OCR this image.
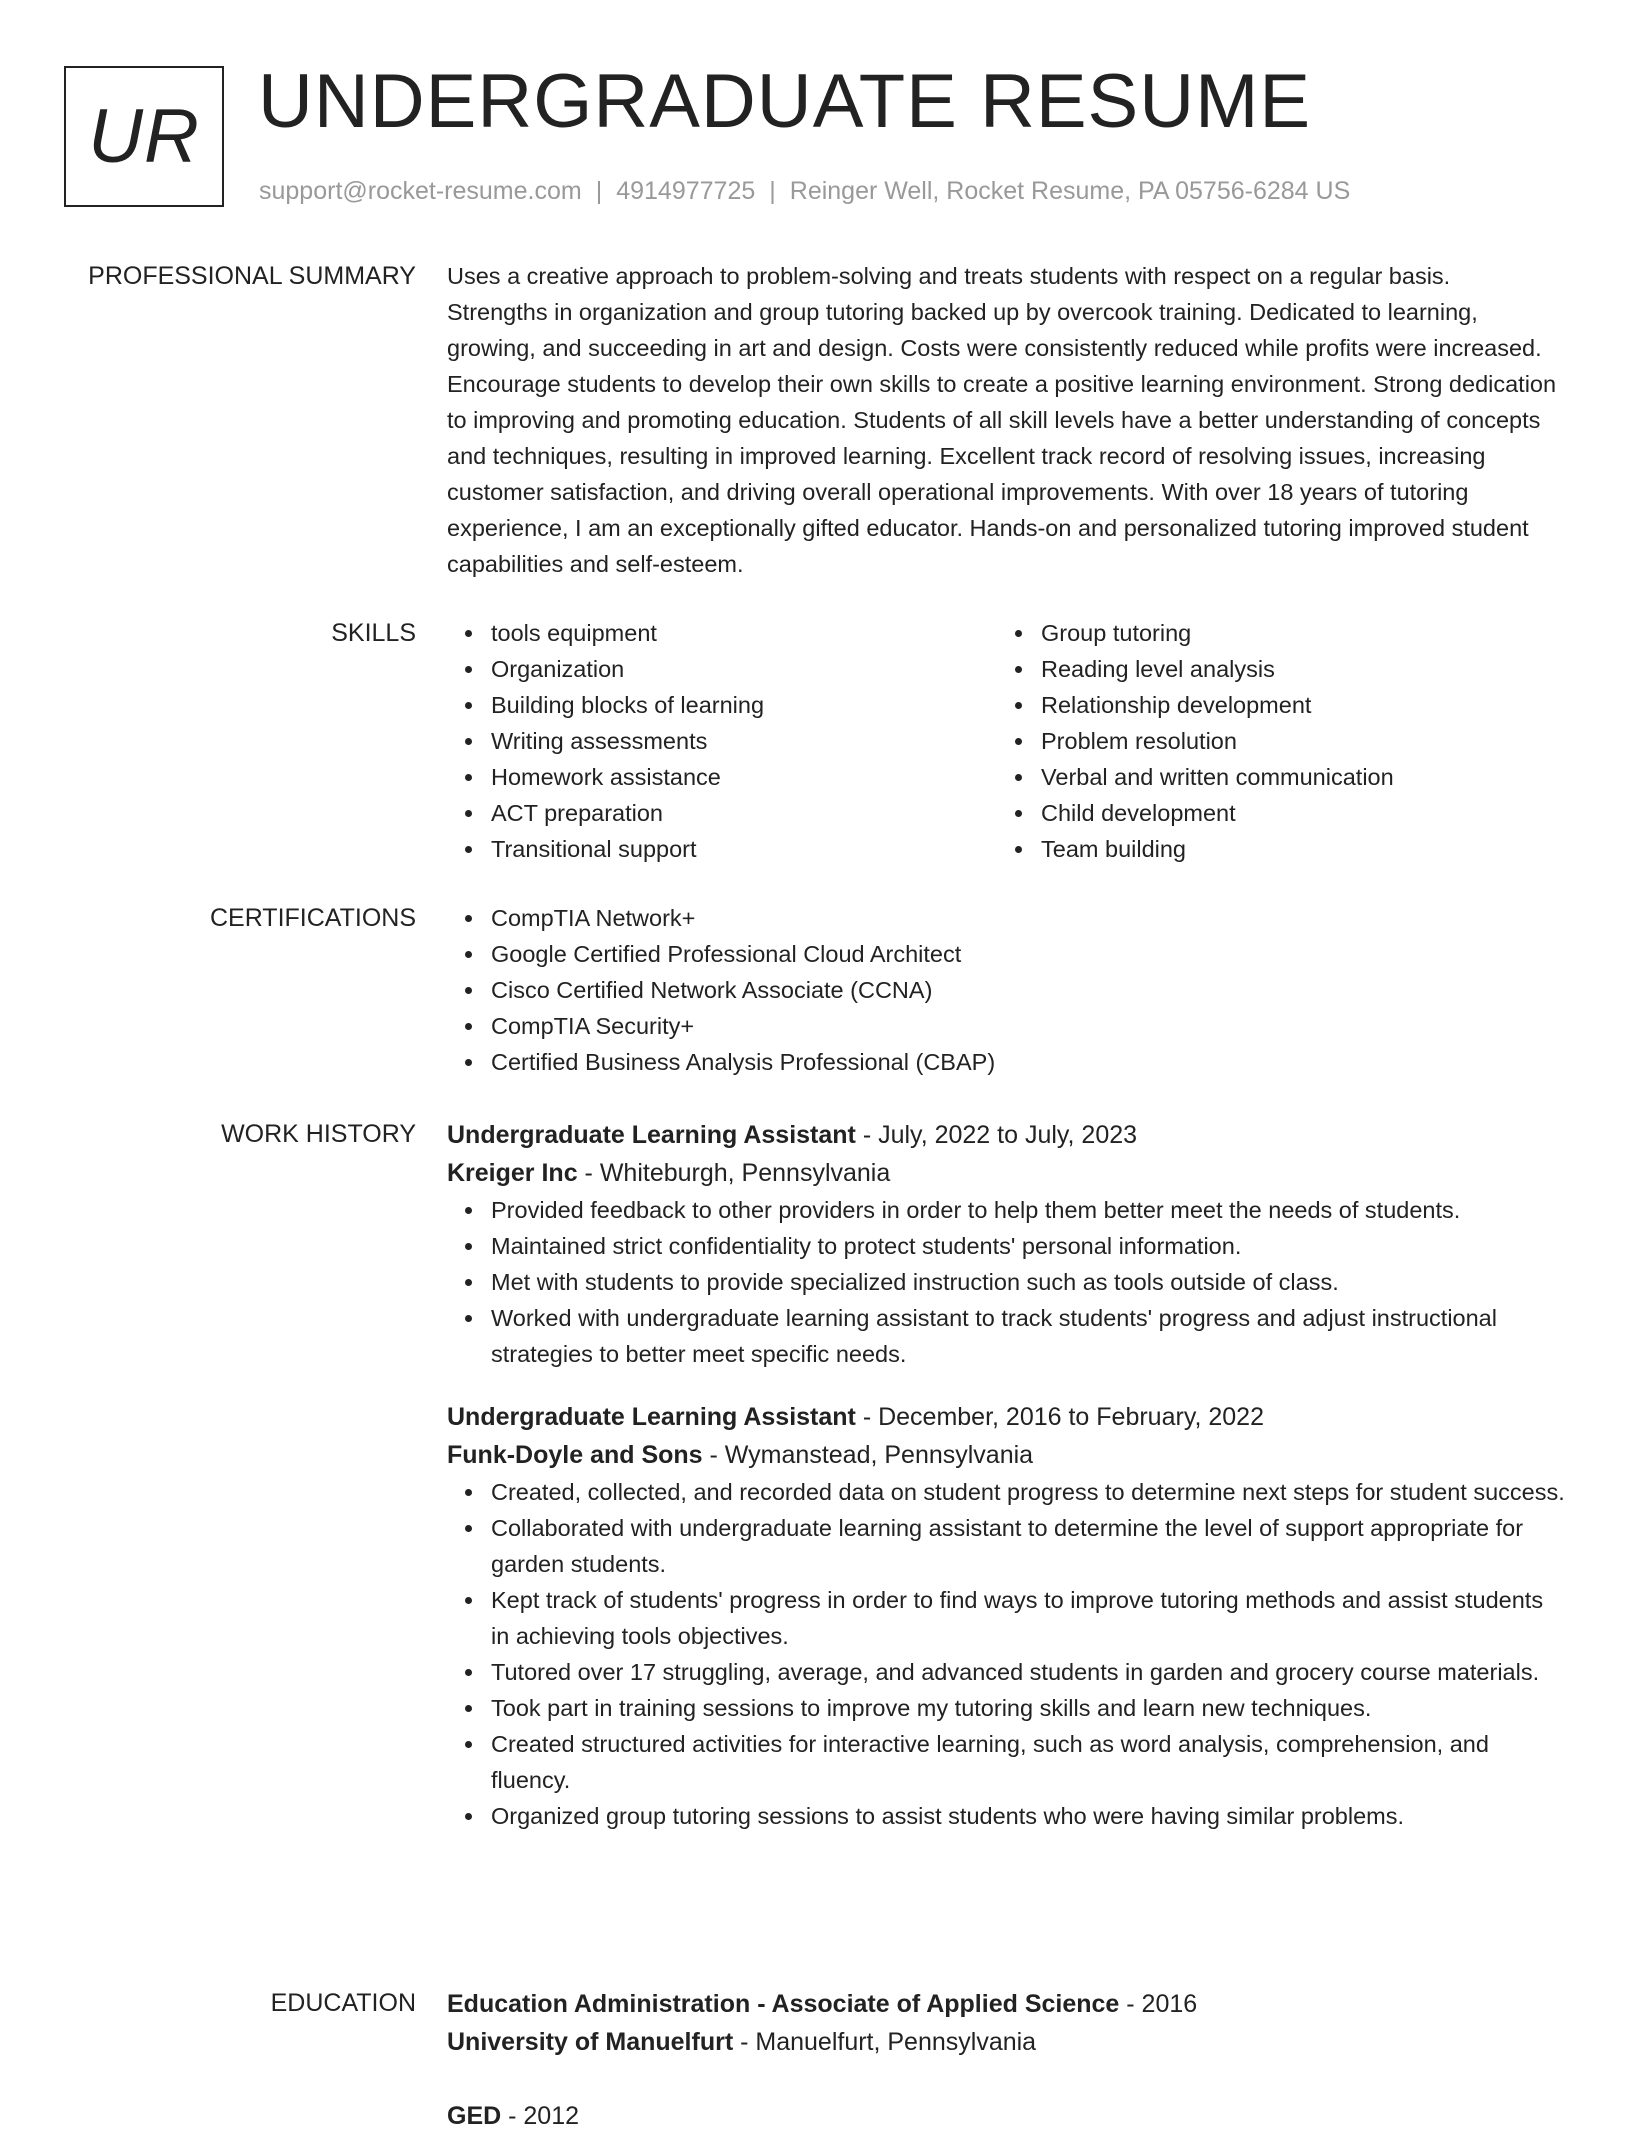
UR UNDERGRADUATE RESUME
support@rocket-resume.com | 4914977725 | Reinger Well, Rocket Resume, PA 05756-6284 US
PROFESSIONAL SUMMARY Uses a creative approach to problem-solving and treats students with respect on a regular basis. Strengths in organization and group tutoring backed up by overcook training. Dedicated to learning, growing, and succeeding in art and design. Costs were consistently reduced while profits were increased. Encourage students to develop their own skills to create a positive learning environment. Strong dedication to improving and promoting education. Students of all skill levels have a better understanding of concepts and techniques, resulting in improved learning. Excellent track record of resolving issues, increasing customer satisfaction, and driving overall operational improvements. With over 18 years of tutoring experience, I am an exceptionally gifted educator. Hands-on and personalized tutoring improved student capabilities and self-esteem.

SKILLS	tools equipment
Organization
Building blocks of learning
Writing assessments
Homework assistance
ACT preparation
Transitional support
Group tutoring
Reading level analysis
Relationship development
Problem resolution
Verbal and written communication
Child development
Team building
CERTIFICATIONS	CompTIA Network+
Google Certified Professional Cloud Architect
Cisco Certified Network Associate (CCNA)
CompTIA Security+
Certified Business Analysis Professional (CBAP)
WORK HISTORY Undergraduate Learning Assistant - July, 2022 to July, 2023
Kreiger Inc - Whiteburgh, Pennsylvania
Provided feedback to other providers in order to help them better meet the needs of students.
Maintained strict confidentiality to protect students' personal information.
Met with students to provide specialized instruction such as tools outside of class.
Worked with undergraduate learning assistant to track students' progress and adjust instructional strategies to better meet specific needs.
Undergraduate Learning Assistant - December, 2016 to February, 2022
Funk-Doyle and Sons - Wymanstead, Pennsylvania
Created, collected, and recorded data on student progress to determine next steps for student success.
Collaborated with undergraduate learning assistant to determine the level of support appropriate for garden students.
Kept track of students' progress in order to find ways to improve tutoring methods and assist students in achieving tools objectives.
Tutored over 17 struggling, average, and advanced students in garden and grocery course materials.
Took part in training sessions to improve my tutoring skills and learn new techniques.
Created structured activities for interactive learning, such as word analysis, comprehension, and fluency.
Organized group tutoring sessions to assist students who were having similar problems.
EDUCATION Education Administration - Associate of Applied Science - 2016
University of Manuelfurt - Manuelfurt, Pennsylvania
GED - 2012
